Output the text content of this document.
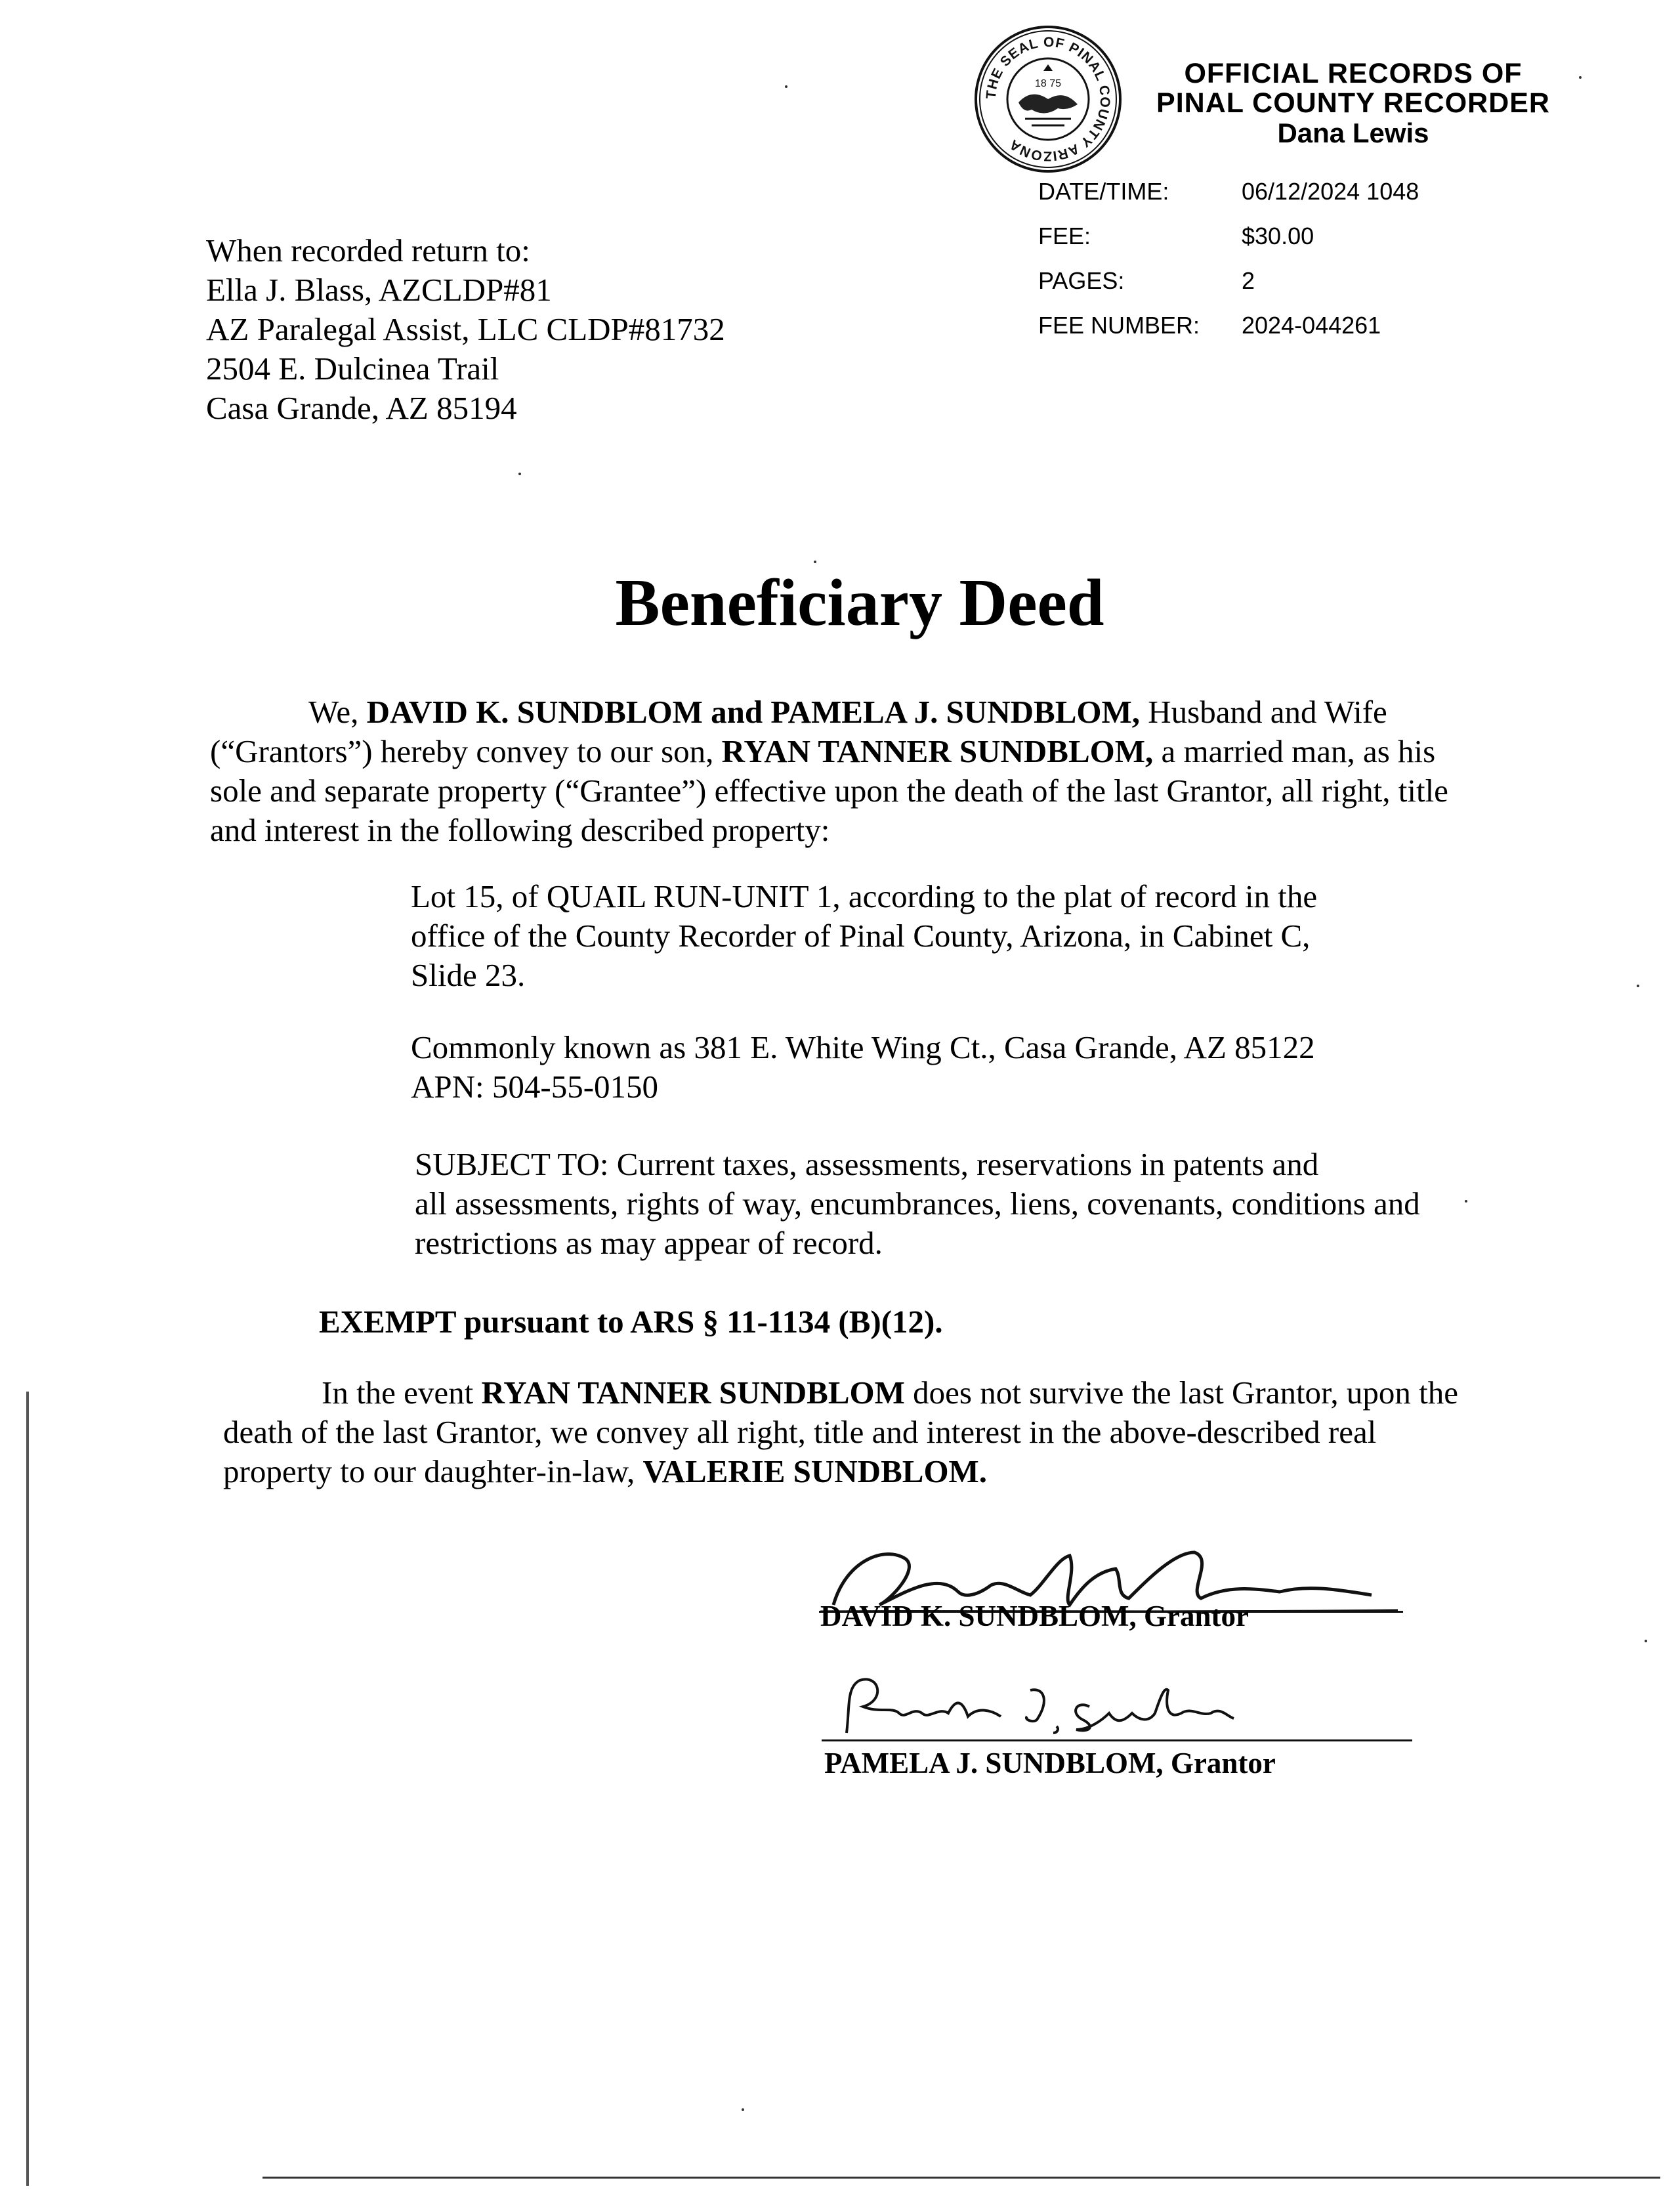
THE SEAL OF PINAL COUNTY ARIZONA
18 75	OFFICIAL RECORDS OF
PINAL COUNTY RECORDER
Dana Lewis
DATE/TIME:	06/12/2024 1048
FEE:	$30.00
PAGES:	2
FEE NUMBER: 2024-044261
When recorded return to:
Ella J. Blass, AZCLDP#81
AZ Paralegal Assist, LLC CLDP#81732
2504 E. Dulcinea Trail
Casa Grande, AZ 85194
Beneficiary Deed
We, DAVID K. SUNDBLOM and PAMELA J. SUNDBLOM, Husband and Wife
(“Grantors”) hereby convey to our son, RYAN TANNER SUNDBLOM, a married man, as his
sole and separate property (“Grantee”) effective upon the death of the last Grantor, all right, title
and interest in the following described property:
Lot 15, of QUAIL RUN-UNIT 1, according to the plat of record in the
office of the County Recorder of Pinal County, Arizona, in Cabinet C,
Slide 23.
Commonly known as 381 E. White Wing Ct., Casa Grande, AZ 85122
APN: 504-55-0150
SUBJECT TO: Current taxes, assessments, reservations in patents and
all assessments, rights of way, encumbrances, liens, covenants, conditions and
restrictions as may appear of record.
EXEMPT pursuant to ARS § 11-1134 (B)(12).
In the event RYAN TANNER SUNDBLOM does not survive the last Grantor, upon the
death of the last Grantor, we convey all right, title and interest in the above-described real
property to our daughter-in-law, VALERIE SUNDBLOM.
DAVID K. SUNDBLOM, Grantor
PAMELA J. SUNDBLOM, Grantor
